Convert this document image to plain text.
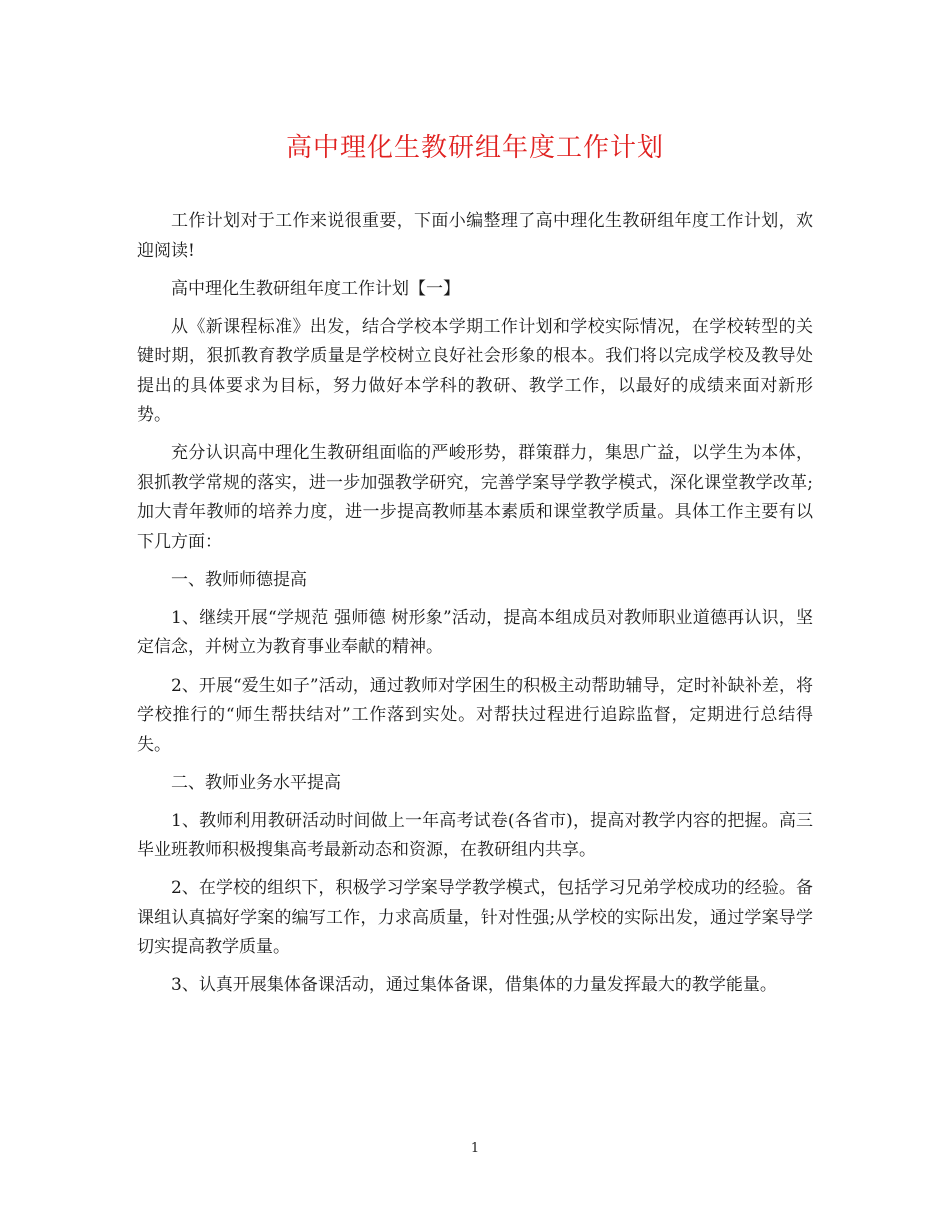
高中理化生教研组年度工作计划

工作计划对于工作来说很重要，下面小编整理了高中理化生教研组年度工作计划，欢迎阅读!

高中理化生教研组年度工作计划【一】

从《新课程标准》出发，结合学校本学期工作计划和学校实际情况，在学校转型的关键时期，狠抓教育教学质量是学校树立良好社会形象的根本。我们将以完成学校及教导处提出的具体要求为目标，努力做好本学科的教研、教学工作，以最好的成绩来面对新形势。

充分认识高中理化生教研组面临的严峻形势，群策群力，集思广益，以学生为本体，狠抓教学常规的落实，进一步加强教学研究，完善学案导学教学模式，深化课堂教学改革;加大青年教师的培养力度，进一步提高教师基本素质和课堂教学质量。具体工作主要有以下几方面：

一、教师师德提高

1、继续开展“学规范 强师德 树形象”活动，提高本组成员对教师职业道德再认识，坚定信念，并树立为教育事业奉献的精神。

2、开展“爱生如子”活动，通过教师对学困生的积极主动帮助辅导，定时补缺补差，将学校推行的“师生帮扶结对”工作落到实处。对帮扶过程进行追踪监督，定期进行总结得失。

二、教师业务水平提高

1、教师利用教研活动时间做上一年高考试卷(各省市)，提高对教学内容的把握。高三毕业班教师积极搜集高考最新动态和资源，在教研组内共享。

2、在学校的组织下，积极学习学案导学教学模式，包括学习兄弟学校成功的经验。备课组认真搞好学案的编写工作，力求高质量，针对性强;从学校的实际出发，通过学案导学切实提高教学质量。

3、认真开展集体备课活动，通过集体备课，借集体的力量发挥最大的教学能量。

1
